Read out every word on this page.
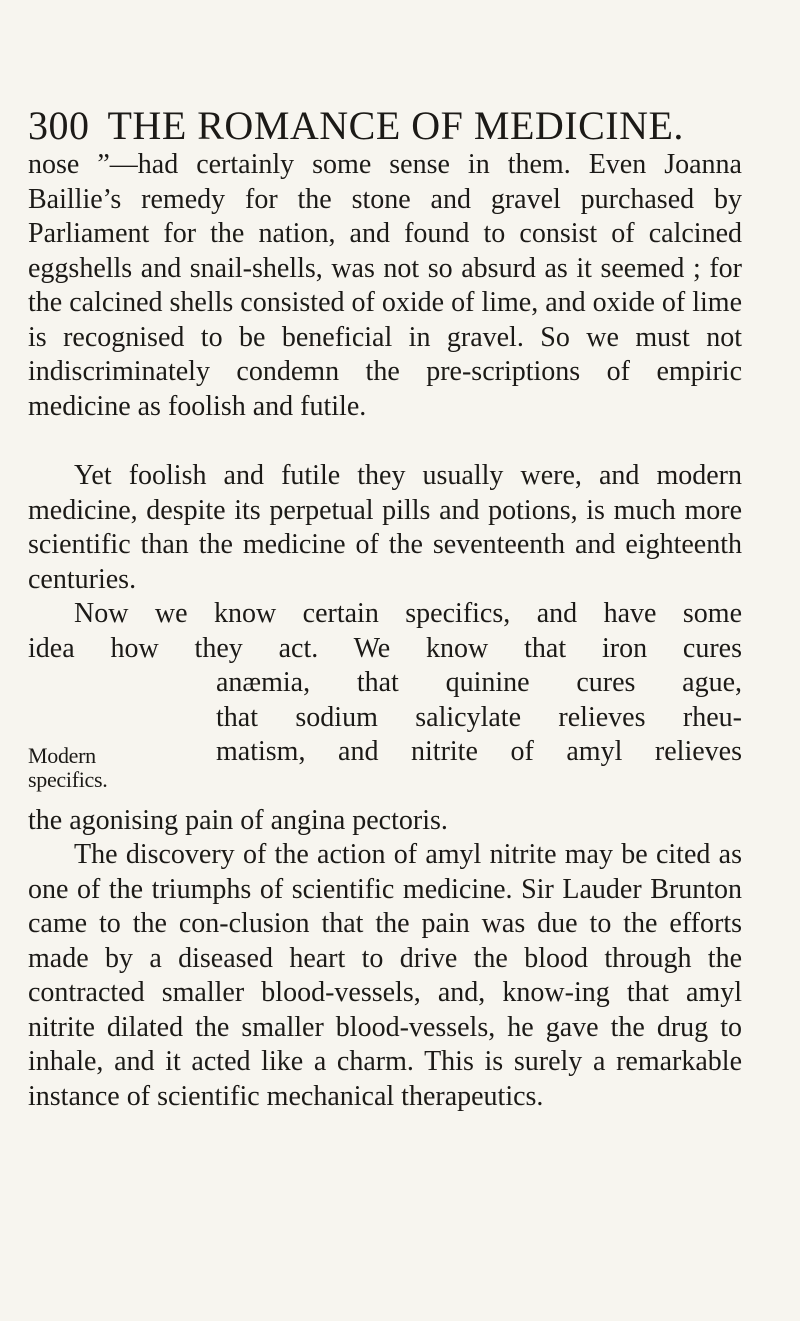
300 THE ROMANCE OF MEDICINE.

nose ”—had certainly some sense in them. Even Joanna Baillie’s remedy for the stone and gravel purchased by Parliament for the nation, and found to consist of calcined eggshells and snail-shells, was not so absurd as it seemed ; for the calcined shells consisted of oxide of lime, and oxide of lime is recognised to be beneficial in gravel. So we must not indiscriminately condemn the pre-scriptions of empiric medicine as foolish and futile.

Yet foolish and futile they usually were, and modern medicine, despite its perpetual pills and potions, is much more scientific than the medicine of the seventeenth and eighteenth centuries.

Now we know certain specifics, and have some
idea how they act. We know that iron cures
Modern
specifics.
anæmia, that quinine cures ague,
that sodium salicylate relieves rheu-
matism, and nitrite of amyl relieves
the agonising pain of angina pectoris.

The discovery of the action of amyl nitrite may be cited as one of the triumphs of scientific medicine. Sir Lauder Brunton came to the con-clusion that the pain was due to the efforts made by a diseased heart to drive the blood through the contracted smaller blood-vessels, and, know-ing that amyl nitrite dilated the smaller blood-vessels, he gave the drug to inhale, and it acted like a charm. This is surely a remarkable instance of scientific mechanical therapeutics.
